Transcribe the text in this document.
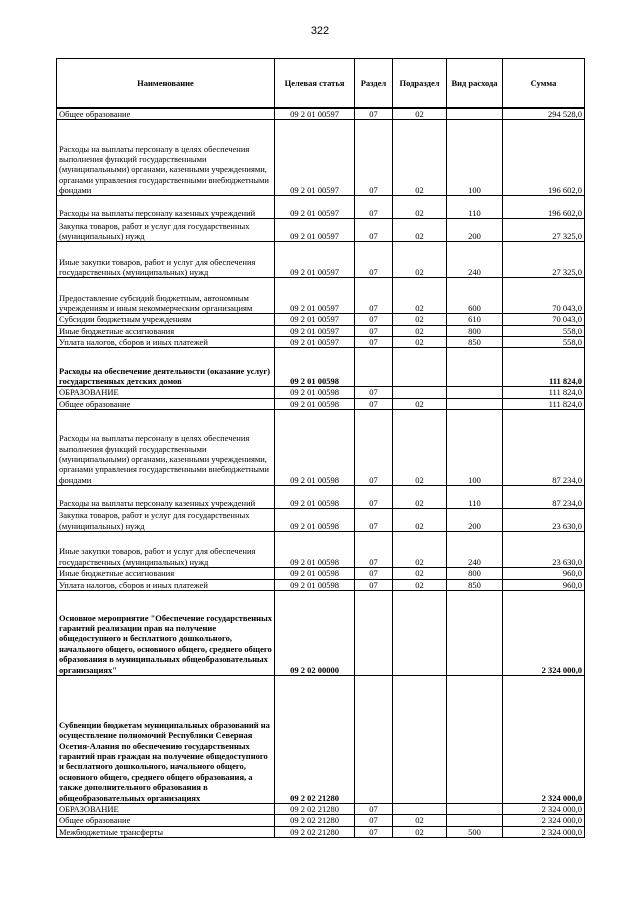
322
Наименование	Целевая статья	Раздел	Подраздел	Вид расхода	Сумма
Общее образование	09 2 01 00597	07	02		294 528,0
Расходы на выплаты персоналу в целях обеспечения выполнения функций государственными (муниципальными) органами, казенными учреждениями, органами управления государственными внебюджетными фондами	09 2 01 00597	07	02	100	196 602,0
Расходы на выплаты персоналу казенных учреждений	09 2 01 00597	07	02	110	196 602,0
Закупка товаров, работ и услуг для государственных (муниципальных) нужд	09 2 01 00597	07	02	200	27 325,0
Иные закупки товаров, работ и услуг для обеспечения государственных (муниципальных) нужд	09 2 01 00597	07	02	240	27 325,0
Предоставление субсидий бюджетным, автономным учреждениям и иным некоммерческим организациям	09 2 01 00597	07	02	600	70 043,0
Субсидии бюджетным учреждениям	09 2 01 00597	07	02	610	70 043,0
Иные бюджетные ассигнования	09 2 01 00597	07	02	800	558,0
Уплата налогов, сборов и иных платежей	09 2 01 00597	07	02	850	558,0
Расходы на обеспечение деятельности (оказание услуг) государственных детских домов	09 2 01 00598				111 824,0
ОБРАЗОВАНИЕ	09 2 01 00598	07			111 824,0
Общее образование	09 2 01 00598	07	02		111 824,0
Расходы на выплаты персоналу в целях обеспечения выполнения функций государственными (муниципальными) органами, казенными учреждениями, органами управления государственными внебюджетными фондами	09 2 01 00598	07	02	100	87 234,0
Расходы на выплаты персоналу казенных учреждений	09 2 01 00598	07	02	110	87 234,0
Закупка товаров, работ и услуг для государственных (муниципальных) нужд	09 2 01 00598	07	02	200	23 630,0
Иные закупки товаров, работ и услуг для обеспечения государственных (муниципальных) нужд	09 2 01 00598	07	02	240	23 630,0
Иные бюджетные ассигнования	09 2 01 00598	07	02	800	960,0
Уплата налогов, сборов и иных платежей	09 2 01 00598	07	02	850	960,0
Основное мероприятие "Обеспечение государственных гарантий реализации прав на получение общедоступного и бесплатного дошкольного, начального общего, основного общего, среднего общего образования в муниципальных общеобразовательных организациях"	09 2 02 00000				2 324 000,0
Субвенции бюджетам муниципальных образований на осуществление полномочий Республики Северная Осетия-Алания по обеспечению государственных гарантий прав граждан на получение общедоступного и бесплатного дошкольного, начального общего, основного общего, среднего общего образования, а также дополнительного образования в общеобразовательных организациях	09 2 02 21280				2 324 000,0
ОБРАЗОВАНИЕ	09 2 02 21280	07			2 324 000,0
Общее образование	09 2 02 21280	07	02		2 324 000,0
Межбюджетные трансферты	09 2 02 21280	07	02	500	2 324 000,0
